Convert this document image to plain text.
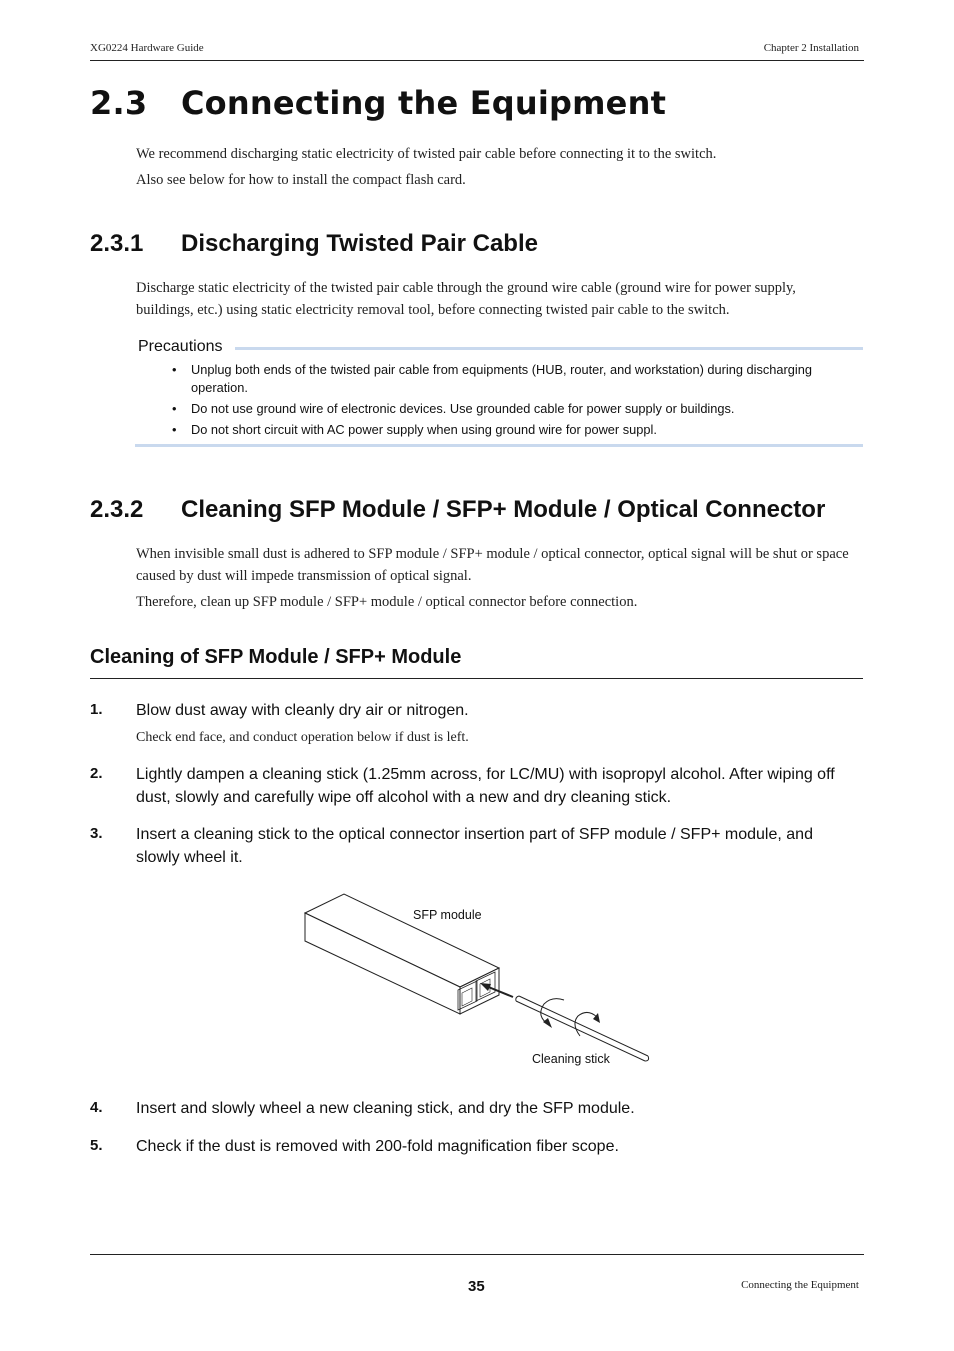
XG0224 Hardware Guide	Chapter 2 Installation
2.3 Connecting the Equipment
We recommend discharging static electricity of twisted pair cable before connecting it to the switch.
Also see below for how to install the compact flash card.
2.3.1 Discharging Twisted Pair Cable
Discharge static electricity of the twisted pair cable through the ground wire cable (ground wire for power supply,
buildings, etc.) using static electricity removal tool, before connecting twisted pair cable to the switch.
Precautions
• Unplug both ends of the twisted pair cable from equipments (HUB, router, and workstation) during discharging operation.
• Do not use ground wire of electronic devices. Use grounded cable for power supply or buildings.
• Do not short circuit with AC power supply when using ground wire for power suppl.
2.3.2 Cleaning SFP Module / SFP+ Module / Optical Connector
When invisible small dust is adhered to SFP module / SFP+ module / optical connector, optical signal will be shut or space
caused by dust will impede transmission of optical signal.
Therefore, clean up SFP module / SFP+ module / optical connector before connection.
Cleaning of SFP Module / SFP+ Module
1. Blow dust away with cleanly dry air or nitrogen.
Check end face, and conduct operation below if dust is left.
2. Lightly dampen a cleaning stick (1.25mm across, for LC/MU) with isopropyl alcohol. After wiping off dust, slowly and carefully wipe off alcohol with a new and dry cleaning stick.
3. Insert a cleaning stick to the optical connector insertion part of SFP module / SFP+ module, and slowly wheel it.
SFP module
Cleaning stick
4. Insert and slowly wheel a new cleaning stick, and dry the SFP module.
5. Check if the dust is removed with 200-fold magnification fiber scope.
35	Connecting the Equipment
